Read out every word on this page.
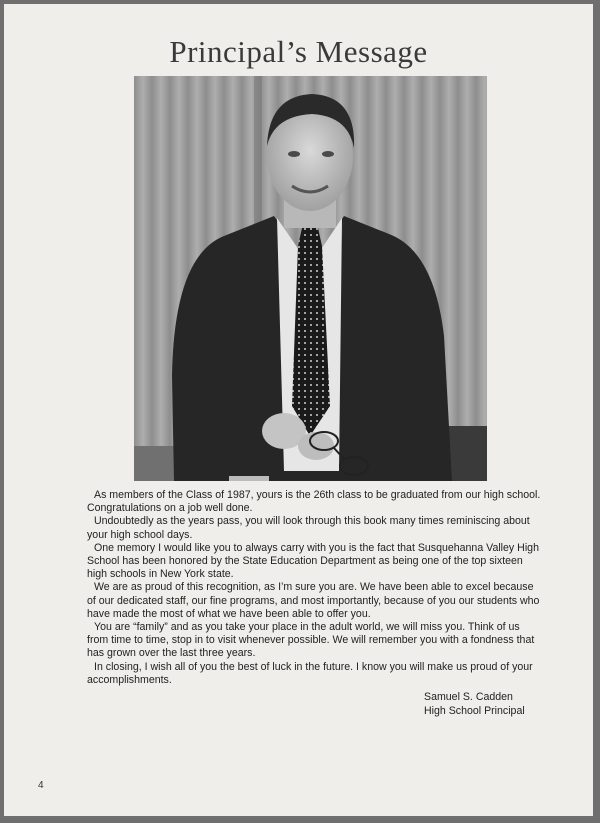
Principal’s Message

As members of the Class of 1987, yours is the 26th class to be graduated from our high school. Congratulations on a job well done.

Undoubtedly as the years pass, you will look through this book many times reminiscing about your high school days.

One memory I would like you to always carry with you is the fact that Susquehanna Valley High School has been honored by the State Education Department as being one of the top sixteen high schools in New York state.

We are as proud of this recognition, as I’m sure you are. We have been able to excel because of our dedicated staff, our fine programs, and most importantly, because of you our students who have made the most of what we have been able to offer you.

You are “family” and as you take your place in the adult world, we will miss you. Think of us from time to time, stop in to visit whenever possible. We will remember you with a fondness that has grown over the last three years.

In closing, I wish all of you the best of luck in the future. I know you will make us proud of your accomplishments.

Samuel S. Cadden
High School Principal
4
